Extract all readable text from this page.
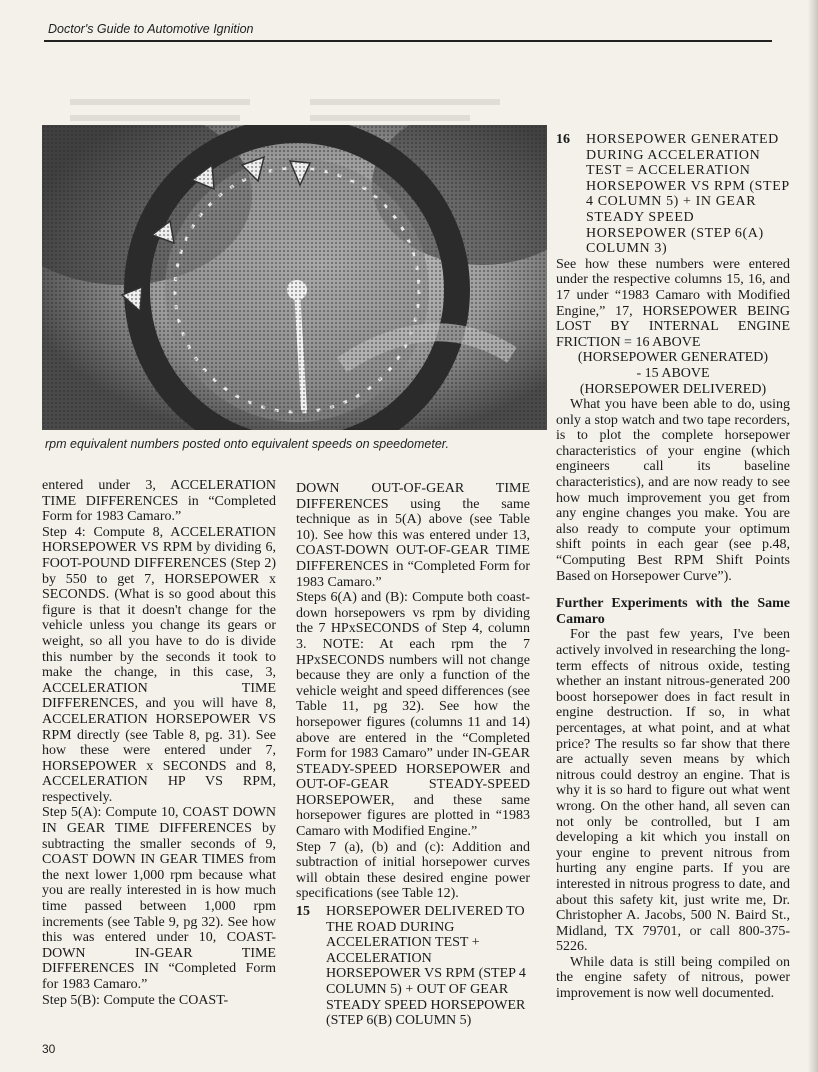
Doctor's Guide to Automotive Ignition
rpm equivalent numbers posted onto equivalent speeds on speedometer.

entered under 3, ACCELERATION TIME DIFFERENCES in “Completed Form for 1983 Camaro.”

Step 4: Compute 8, ACCELERATION HORSEPOWER VS RPM by dividing 6, FOOT-POUND DIFFERENCES (Step 2) by 550 to get 7, HORSEPOWER x SECONDS. (What is so good about this figure is that it doesn't change for the vehicle unless you change its gears or weight, so all you have to do is divide this number by the seconds it took to make the change, in this case, 3, ACCELERATION TIME DIFFERENCES, and you will have 8, ACCELERATION HORSEPOWER VS RPM directly (see Table 8, pg. 31). See how these were entered under 7, HORSEPOWER x SECONDS and 8, ACCELERATION HP VS RPM, respectively.

Step 5(A): Compute 10, COAST DOWN IN GEAR TIME DIFFERENCES by subtracting the smaller seconds of 9, COAST DOWN IN GEAR TIMES from the next lower 1,000 rpm because what you are really interested in is how much time passed between 1,000 rpm increments (see Table 9, pg 32). See how this was entered under 10, COAST-DOWN IN-GEAR TIME DIFFERENCES IN “Completed Form for 1983 Camaro.”

Step 5(B): Compute the COAST-

DOWN OUT-OF-GEAR TIME DIFFERENCES using the same technique as in 5(A) above (see Table 10). See how this was entered under 13, COAST-DOWN OUT-OF-GEAR TIME DIFFERENCES in “Completed Form for 1983 Camaro.”

Steps 6(A) and (B): Compute both coast-down horsepowers vs rpm by dividing the 7 HPxSECONDS of Step 4, column 3. NOTE: At each rpm the 7 HPxSECONDS numbers will not change because they are only a function of the vehicle weight and speed differences (see Table 11, pg 32). See how the horsepower figures (columns 11 and 14) above are entered in the “Completed Form for 1983 Camaro” under IN-GEAR STEADY-SPEED HORSEPOWER and OUT-OF-GEAR STEADY-SPEED HORSEPOWER, and these same horsepower figures are plotted in “1983 Camaro with Modified Engine.”

Step 7 (a), (b) and (c): Addition and subtraction of initial horsepower curves will obtain these desired engine power specifications (see Table 12).

15	HORSEPOWER DELIVERED TO THE ROAD DURING ACCELERATION TEST + ACCELERATION HORSEPOWER VS RPM (STEP 4 COLUMN 5) + OUT OF GEAR STEADY SPEED HORSEPOWER (STEP 6(B) COLUMN 5)
16	HORSEPOWER GENERATED DURING ACCELERATION TEST = ACCELERATION HORSEPOWER VS RPM (STEP 4 COLUMN 5) + IN GEAR STEADY SPEED HORSEPOWER (STEP 6(A) COLUMN 3)

See how these numbers were entered under the respective columns 15, 16, and 17 under “1983 Camaro with Modified Engine,” 17, HORSEPOWER BEING LOST BY INTERNAL ENGINE FRICTION = 16 ABOVE

(HORSEPOWER GENERATED)

- 15 ABOVE

(HORSEPOWER DELIVERED)

What you have been able to do, using only a stop watch and two tape recorders, is to plot the complete horsepower characteristics of your engine (which engineers call its baseline characteristics), and are now ready to see how much improvement you get from any engine changes you make. You are also ready to compute your optimum shift points in each gear (see p.48, “Computing Best RPM Shift Points Based on Horsepower Curve”).

Further Experiments with the Same Camaro

For the past few years, I've been actively involved in researching the long-term effects of nitrous oxide, testing whether an instant nitrous-generated 200 boost horsepower does in fact result in engine destruction. If so, in what percentages, at what point, and at what price? The results so far show that there are actually seven means by which nitrous could destroy an engine. That is why it is so hard to figure out what went wrong. On the other hand, all seven can not only be controlled, but I am developing a kit which you install on your engine to prevent nitrous from hurting any engine parts. If you are interested in nitrous progress to date, and about this safety kit, just write me, Dr. Christopher A. Jacobs, 500 N. Baird St., Midland, TX 79701, or call 800-375-5226.

While data is still being compiled on the engine safety of nitrous, power improvement is now well documented.

30
